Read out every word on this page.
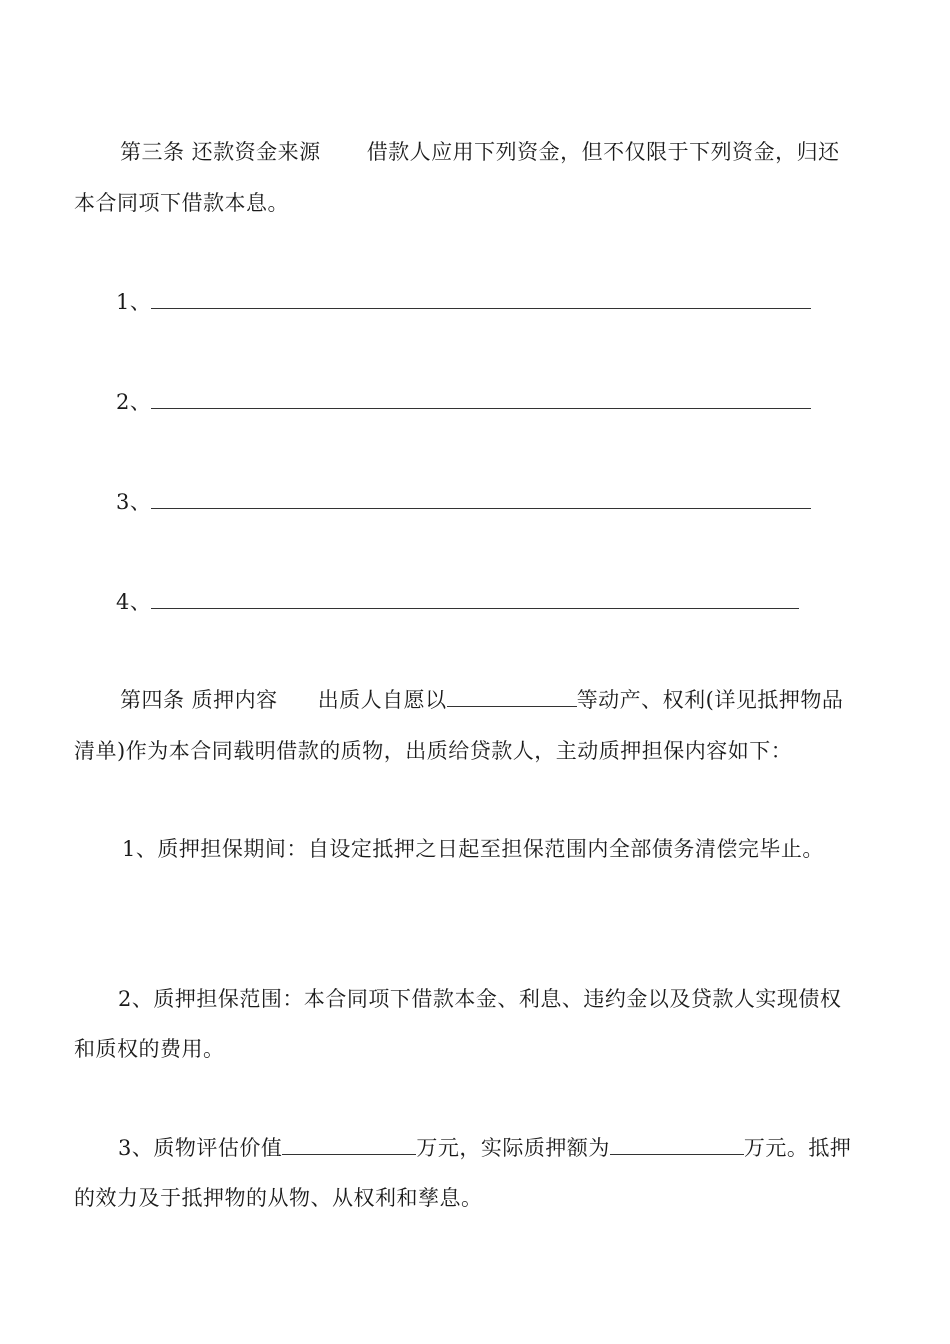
第三条 还款资金来源 借款人应用下列资金，但不仅限于下列资金，归还
本合同项下借款本息。
1、
2、
3、
4、
第四条 质押内容 出质人自愿以	等动产、权利(详见抵押物品
清单)作为本合同载明借款的质物，出质给贷款人，主动质押担保内容如下：
1、质押担保期间：自设定抵押之日起至担保范围内全部债务清偿完毕止。
2、质押担保范围：本合同项下借款本金、利息、违约金以及贷款人实现债权
和质权的费用。
3、质物评估价值	万元，实际质押额为	万元。抵押
的效力及于抵押物的从物、从权利和孳息。
